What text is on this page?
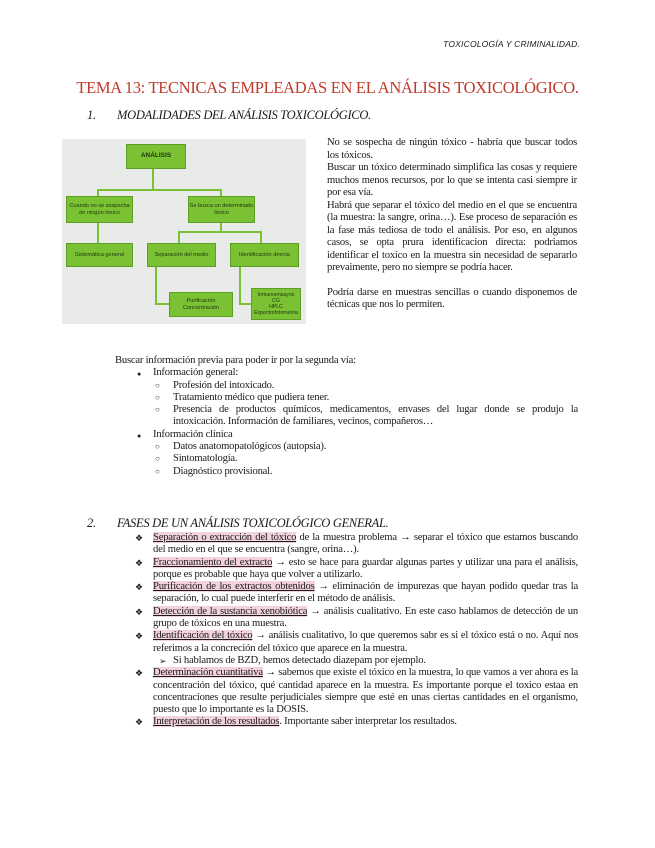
TOXICOLOGÍA Y CRIMINALIDAD.
TEMA 13: TECNICAS EMPLEADAS EN EL ANÁLISIS TOXICOLÓGICO.
1. MODALIDADES DEL ANÁLISIS TOXICOLÓGICO.
ANÁLISIS
Cuando no se sospecha de ningún tóxico
Se busca un determinado tóxico
Sistemática general	Separación del medio	Identificación directa
Purificación
Concentración
Inmunoensayos
CG
HPLC
Espectrofotometría

No se sospecha de ningún tóxico - habría que buscar todos los tóxicos.

Buscar un tóxico determinado simplifica las cosas y requiere muchos menos recursos, por lo que se intenta casi siempre ir por esa vía.

Habrá que separar el tóxico del medio en el que se encuentra (la muestra: la sangre, orina…). Ese proceso de separación es la fase más tediosa de todo el análisis. Por eso, en algunos casos, se opta prura identificacion directa: podriamos identificar el toxico en la muestra sin necesidad de separarlo prevaimente, pero no siempre se podría hacer.

Podría darse en muestras sencillas o cuando disponemos de técnicas que nos lo permiten.

Buscar información previa para poder ir por la segunda vía:
● Información general:
○ Profesión del intoxicado.
○ Tratamiento médico que pudiera tener.
○ Presencia de productos químicos, medicamentos, envases del lugar donde se produjo la intoxicación. Información de familiares, vecinos, compañeros…
● Información clínica
○ Datos anatomopatológicos (autopsia).
○ Sintomatología.
○ Diagnóstico provisional.
2. FASES DE UN ANÁLISIS TOXICOLÓGICO GENERAL.
❖ Separación o extracción del tóxico de la muestra problema → separar el tóxico que estamos buscando del medio en el que se encuentra (sangre, orina…).
❖ Fraccionamiento del extracto → esto se hace para guardar algunas partes y utilizar una para el análisis, porque es probable que haya que volver a utilizarlo.
❖ Purificación de los extractos obtenidos → eliminación de impurezas que hayan podido quedar tras la separación, lo cual puede interferir en el método de análisis.
❖ Detección de la sustancia xenobiótica → análisis cualitativo. En este caso hablamos de detección de un grupo de tóxicos en una muestra.
❖ Identificación del tóxico → análisis cualitativo, lo que queremos sabr es si el tóxico está o no. Aquí nos referimos a la concreción del tóxico que aparece en la muestra.
➢ Si hablamos de BZD, hemos detectado diazepam por ejemplo.
❖ Determinación cuantitativa → sabemos que existe el tóxico en la muestra, lo que vamos a ver ahora es la concentración del tóxico, qué cantidad aparece en la muestra. Es importante porque el toxico estaa en concentraciones que resulte perjudiciales siempre que esté en unas ciertas cantidades en el organismo, puesto que lo importante es la DOSIS.
❖ Interpretación de los resultados. Importante saber interpretar los resultados.
